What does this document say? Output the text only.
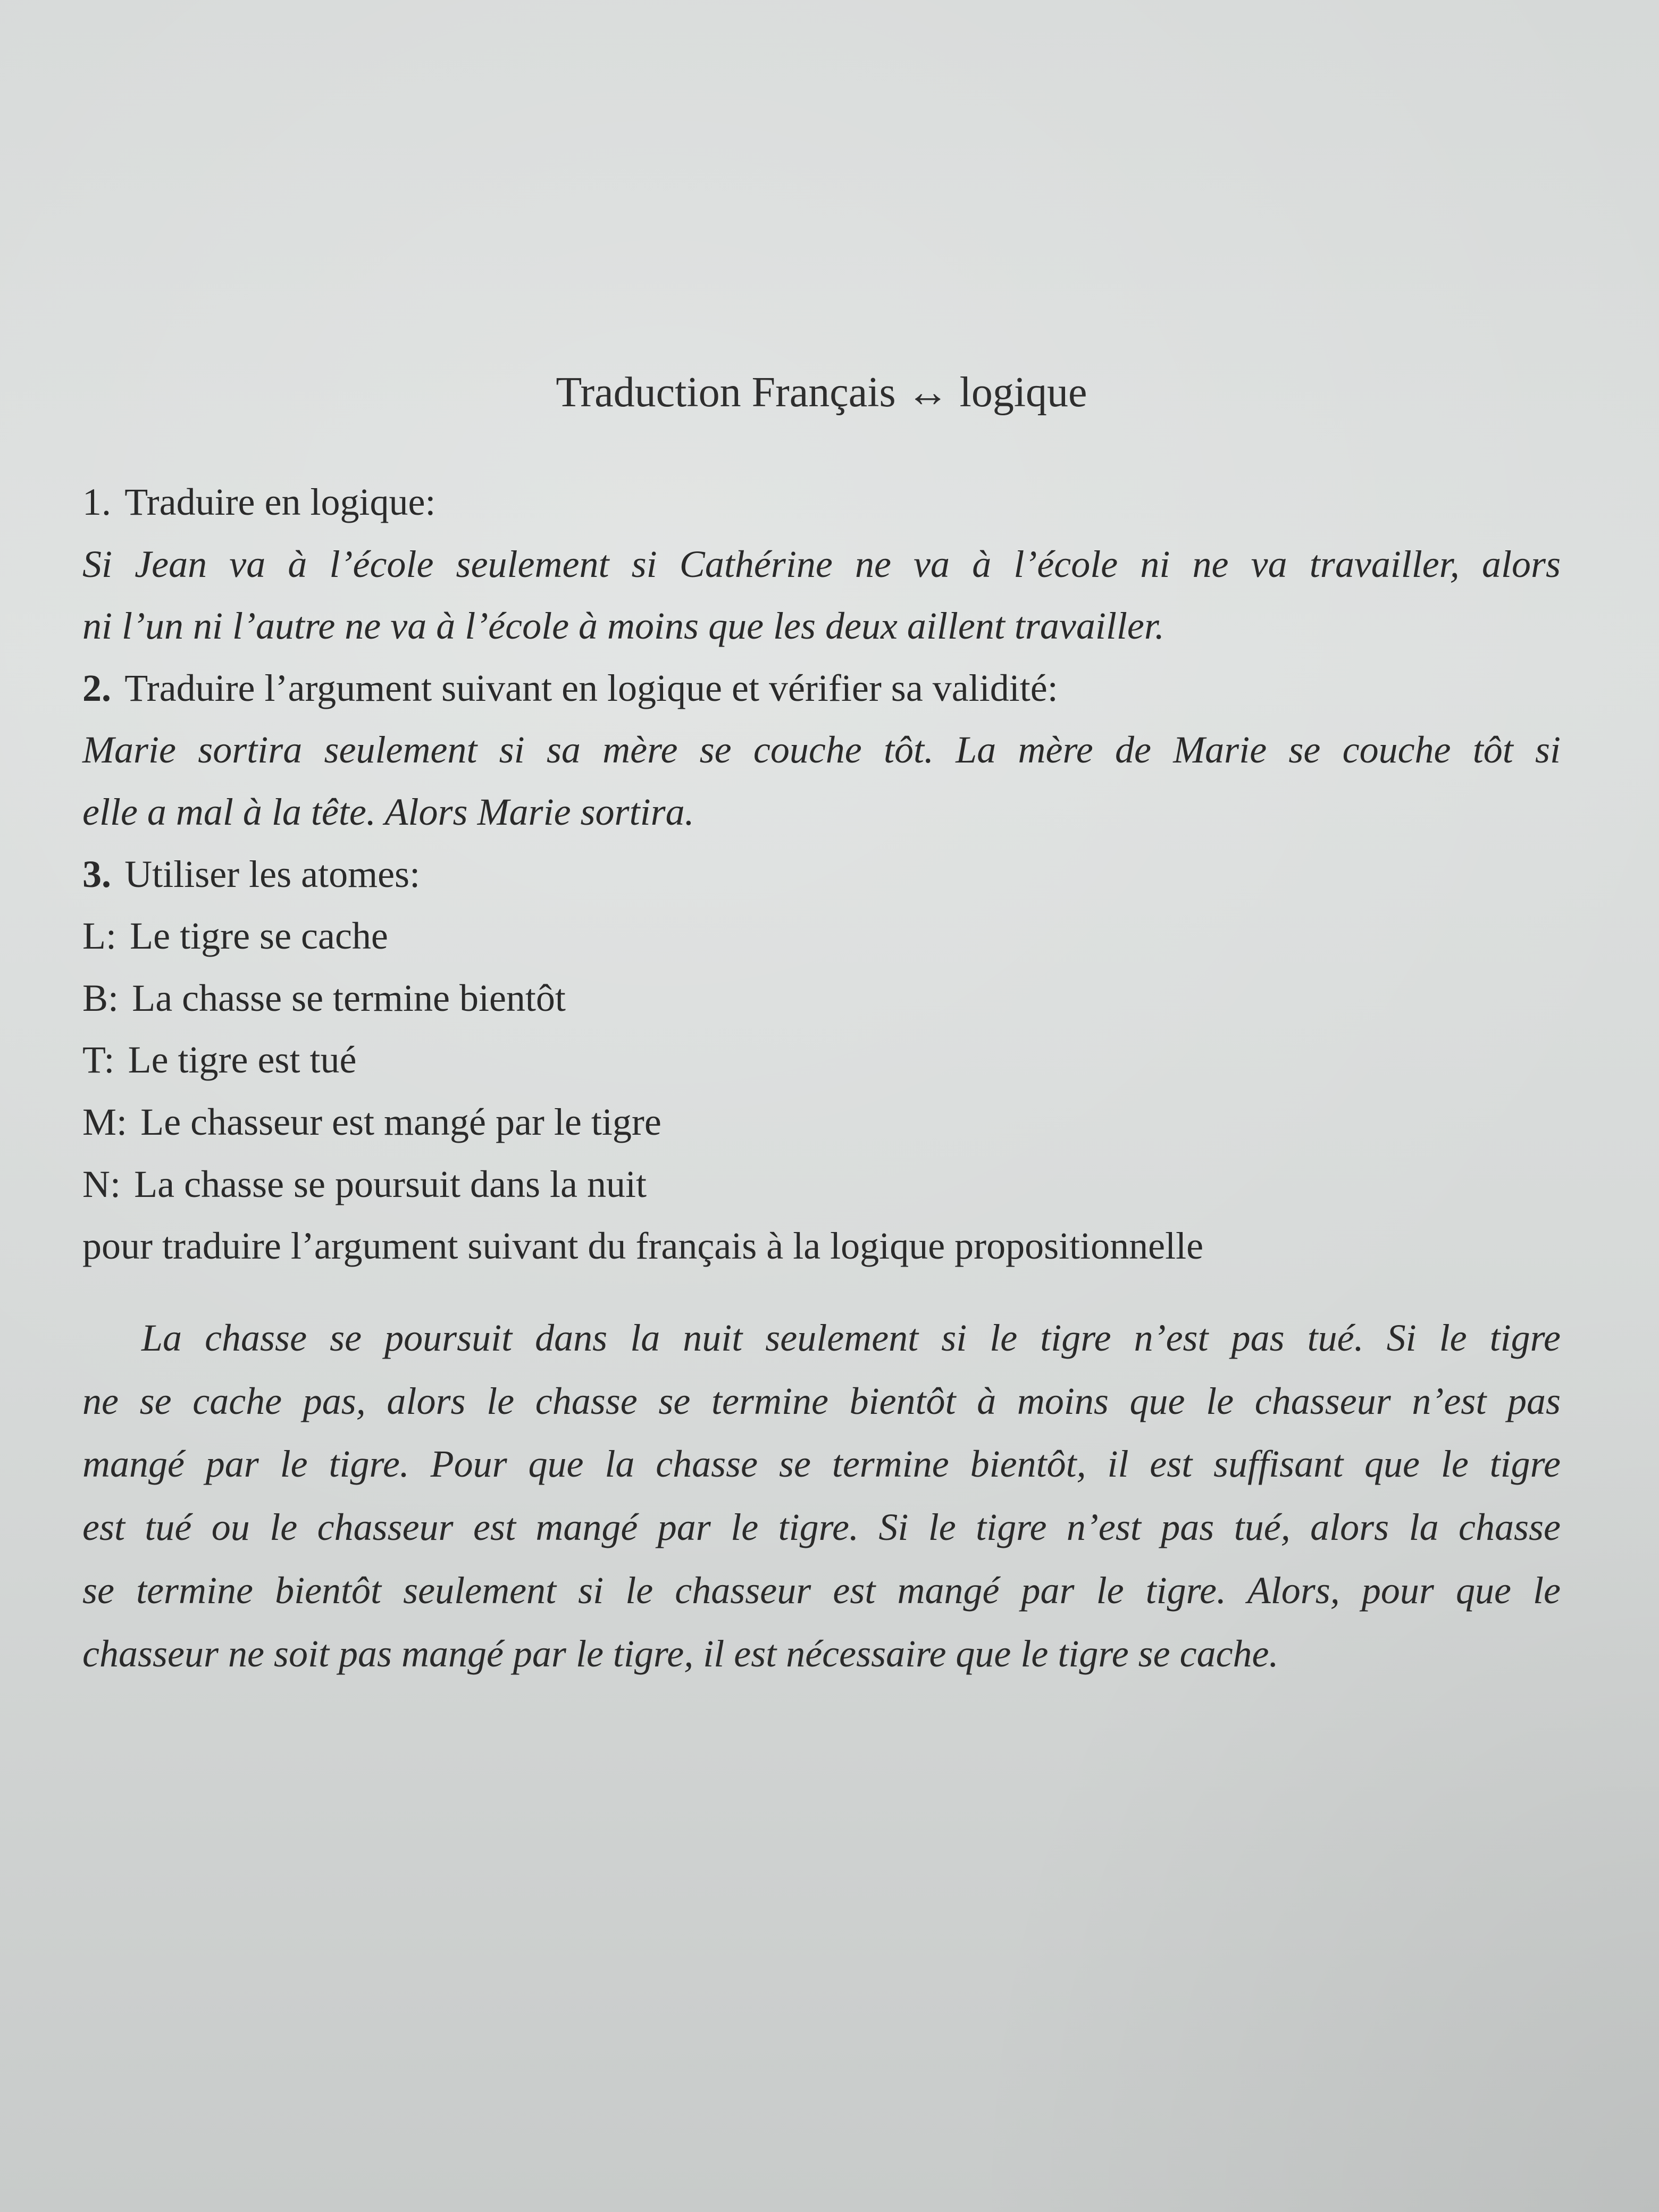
Traduction Français ↔ logique
1. Traduire en logique:
Si Jean va à l’école seulement si Cathérine ne va à l’école ni ne va travailler, alors
ni l’un ni l’autre ne va à l’école à moins que les deux aillent travailler.
2. Traduire l’argument suivant en logique et vérifier sa validité:
Marie sortira seulement si sa mère se couche tôt. La mère de Marie se couche tôt si
elle a mal à la tête. Alors Marie sortira.
3. Utiliser les atomes:
L: Le tigre se cache
B: La chasse se termine bientôt
T: Le tigre est tué
M: Le chasseur est mangé par le tigre
N: La chasse se poursuit dans la nuit
pour traduire l’argument suivant du français à la logique propositionnelle
La chasse se poursuit dans la nuit seulement si le tigre n’est pas tué. Si le tigre
ne se cache pas, alors le chasse se termine bientôt à moins que le chasseur n’est pas
mangé par le tigre. Pour que la chasse se termine bientôt, il est suffisant que le tigre
est tué ou le chasseur est mangé par le tigre. Si le tigre n’est pas tué, alors la chasse
se termine bientôt seulement si le chasseur est mangé par le tigre. Alors, pour que le
chasseur ne soit pas mangé par le tigre, il est nécessaire que le tigre se cache.
